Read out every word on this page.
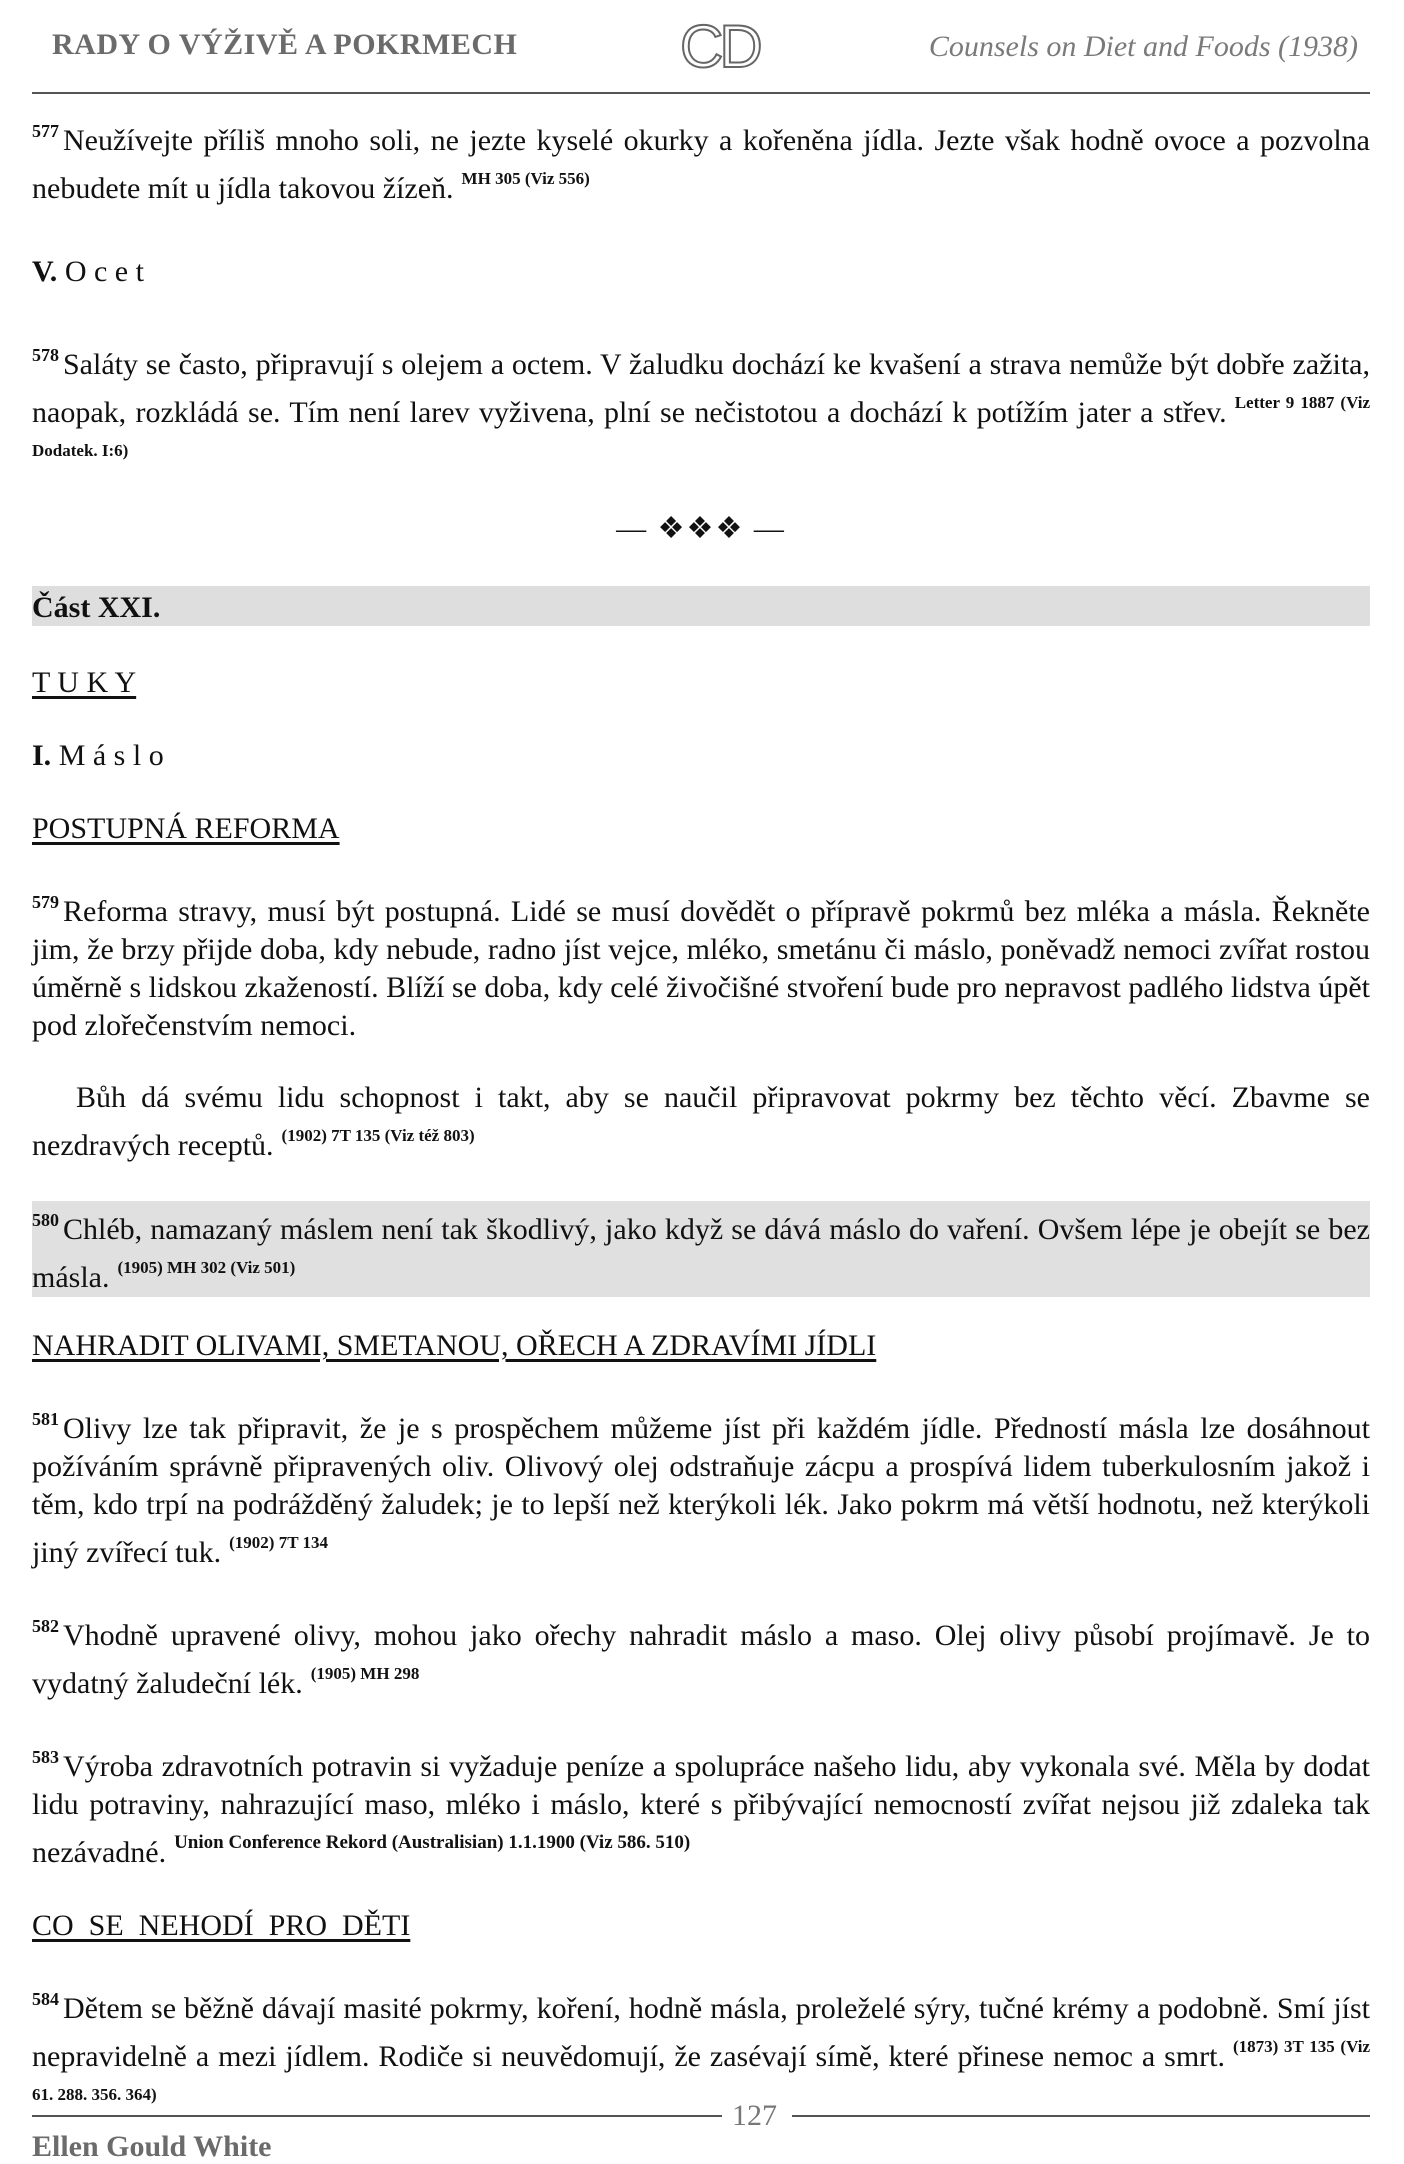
RADY O VÝŽIVĚ A POKRMECH	CD	Counsels on Diet and Foods (1938)

$^{577}$ Neužívejte příliš mnoho soli, ne jezte kyselé okurky a kořeněna jídla. Jezte však hodně ovoce a pozvolna nebudete mít u jídla takovou žízeň. $^{MH 305 (Viz 556)}$

V. O c e t

$^{578}$ Saláty se často, připravují s olejem a octem. V žaludku dochází ke kvašení a strava nemůže být dobře zažita, naopak, rozkládá se. Tím není larev vyživena, plní se nečistotou a dochází k potížím jater a střev. $^{Letter 9 1887 (Viz Dodatek. I:6)}$

— ❖❖❖ —

Část XXI.

T U K Y

I. M á s l o

POSTUPNÁ REFORMA

$^{579}$ Reforma stravy, musí být postupná. Lidé se musí dovědět o přípravě pokrmů bez mléka a másla. Řekněte jim, že brzy přijde doba, kdy nebude, radno jíst vejce, mléko, smetánu či máslo, poněvadž nemoci zvířat rostou úměrně s lidskou zkažeností. Blíží se doba, kdy celé živočišné stvoření bude pro nepravost padlého lidstva úpět pod zlořečenstvím nemoci.

Bůh dá svému lidu schopnost i takt, aby se naučil připravovat pokrmy bez těchto věcí. Zbavme se nezdravých receptů. $^{(1902) 7T 135 (Viz též 803)}$

$^{580}$ Chléb, namazaný máslem není tak škodlivý, jako když se dává máslo do vaření. Ovšem lépe je obejít se bez másla. $^{(1905) MH 302 (Viz 501)}$

NAHRADIT OLIVAMI, SMETANOU, OŘECH A ZDRAVÍMI JÍDLI

$^{581}$ Olivy lze tak připravit, že je s prospěchem můžeme jíst při každém jídle. Předností másla lze dosáhnout požíváním správně připravených oliv. Olivový olej odstraňuje zácpu a prospívá lidem tuberkulosním jakož i těm, kdo trpí na podrážděný žaludek; je to lepší než kterýkoli lék. Jako pokrm má větší hodnotu, než kterýkoli jiný zvířecí tuk. $^{(1902) 7T 134}$

$^{582}$ Vhodně upravené olivy, mohou jako ořechy nahradit máslo a maso. Olej olivy působí projímavě. Je to vydatný žaludeční lék. $^{(1905) MH 298}$

$^{583}$ Výroba zdravotních potravin si vyžaduje peníze a spolupráce našeho lidu, aby vykonala své. Měla by dodat lidu potraviny, nahrazující maso, mléko i máslo, které s přibývající nemocností zvířat nejsou již zdaleka tak nezávadné. $^{Union Conference Rekord (Australisian) 1.1.1900 (Viz 586. 510)}$

CO  SE  NEHODÍ  PRO  DĚTI

$^{584}$ Dětem se běžně dávají masité pokrmy, koření, hodně másla, proleželé sýry, tučné krémy a podobně. Smí jíst nepravidelně a mezi jídlem. Rodiče si neuvědomují, že zasévají símě, které přinese nemoc a smrt. $^{(1873) 3T 135 (Viz 61. 288. 356. 364)}$

127
Ellen Gould White
